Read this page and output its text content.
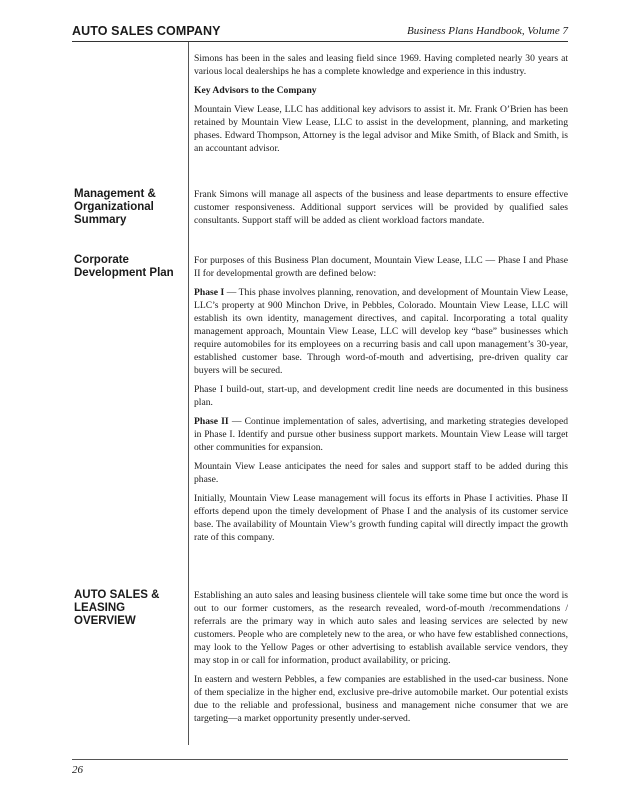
AUTO SALES COMPANY	Business Plans Handbook, Volume 7

Simons has been in the sales and leasing field since 1969. Having completed nearly 30 years at various local dealerships he has a complete knowledge and experience in this industry.

Key Advisors to the Company

Mountain View Lease, LLC has additional key advisors to assist it. Mr. Frank O’Brien has been retained by Mountain View Lease, LLC to assist in the development, planning, and marketing phases. Edward Thompson, Attorney is the legal advisor and Mike Smith, of Black and Smith, is an accountant advisor.

Management &
Organizational
Summary

Frank Simons will manage all aspects of the business and lease departments to ensure effective customer responsiveness. Additional support services will be provided by qualified sales consultants. Support staff will be added as client workload factors mandate.

Corporate
Development Plan

For purposes of this Business Plan document, Mountain View Lease, LLC — Phase I and Phase II for developmental growth are defined below:

Phase I — This phase involves planning, renovation, and development of Mountain View Lease, LLC’s property at 900 Minchon Drive, in Pebbles, Colorado. Mountain View Lease, LLC will establish its own identity, management directives, and capital. Incorporating a total quality management approach, Mountain View Lease, LLC will develop key “base” businesses which require automobiles for its employees on a recurring basis and call upon management’s 30-year, established customer base. Through word-of-mouth and advertising, pre-driven quality car buyers will be secured.

Phase I build-out, start-up, and development credit line needs are documented in this business plan.

Phase II — Continue implementation of sales, advertising, and marketing strategies developed in Phase I. Identify and pursue other business support markets. Mountain View Lease will target other communities for expansion.

Mountain View Lease anticipates the need for sales and support staff to be added during this phase.

Initially, Mountain View Lease management will focus its efforts in Phase I activities. Phase II efforts depend upon the timely development of Phase I and the analysis of its customer service base. The availability of Mountain View’s growth funding capital will directly impact the growth rate of this company.

AUTO SALES &
LEASING
OVERVIEW

Establishing an auto sales and leasing business clientele will take some time but once the word is out to our former customers, as the research revealed, word-of-mouth /recommendations / referrals are the primary way in which auto sales and leasing services are selected by new customers. People who are completely new to the area, or who have few established connections, may look to the Yellow Pages or other advertising to establish available service vendors, they may stop in or call for information, product availability, or pricing.

In eastern and western Pebbles, a few companies are established in the used-car business. None of them specialize in the higher end, exclusive pre-drive automobile market. Our potential exists due to the reliable and professional, business and management niche consumer that we are targeting—a market opportunity presently under-served.

26
